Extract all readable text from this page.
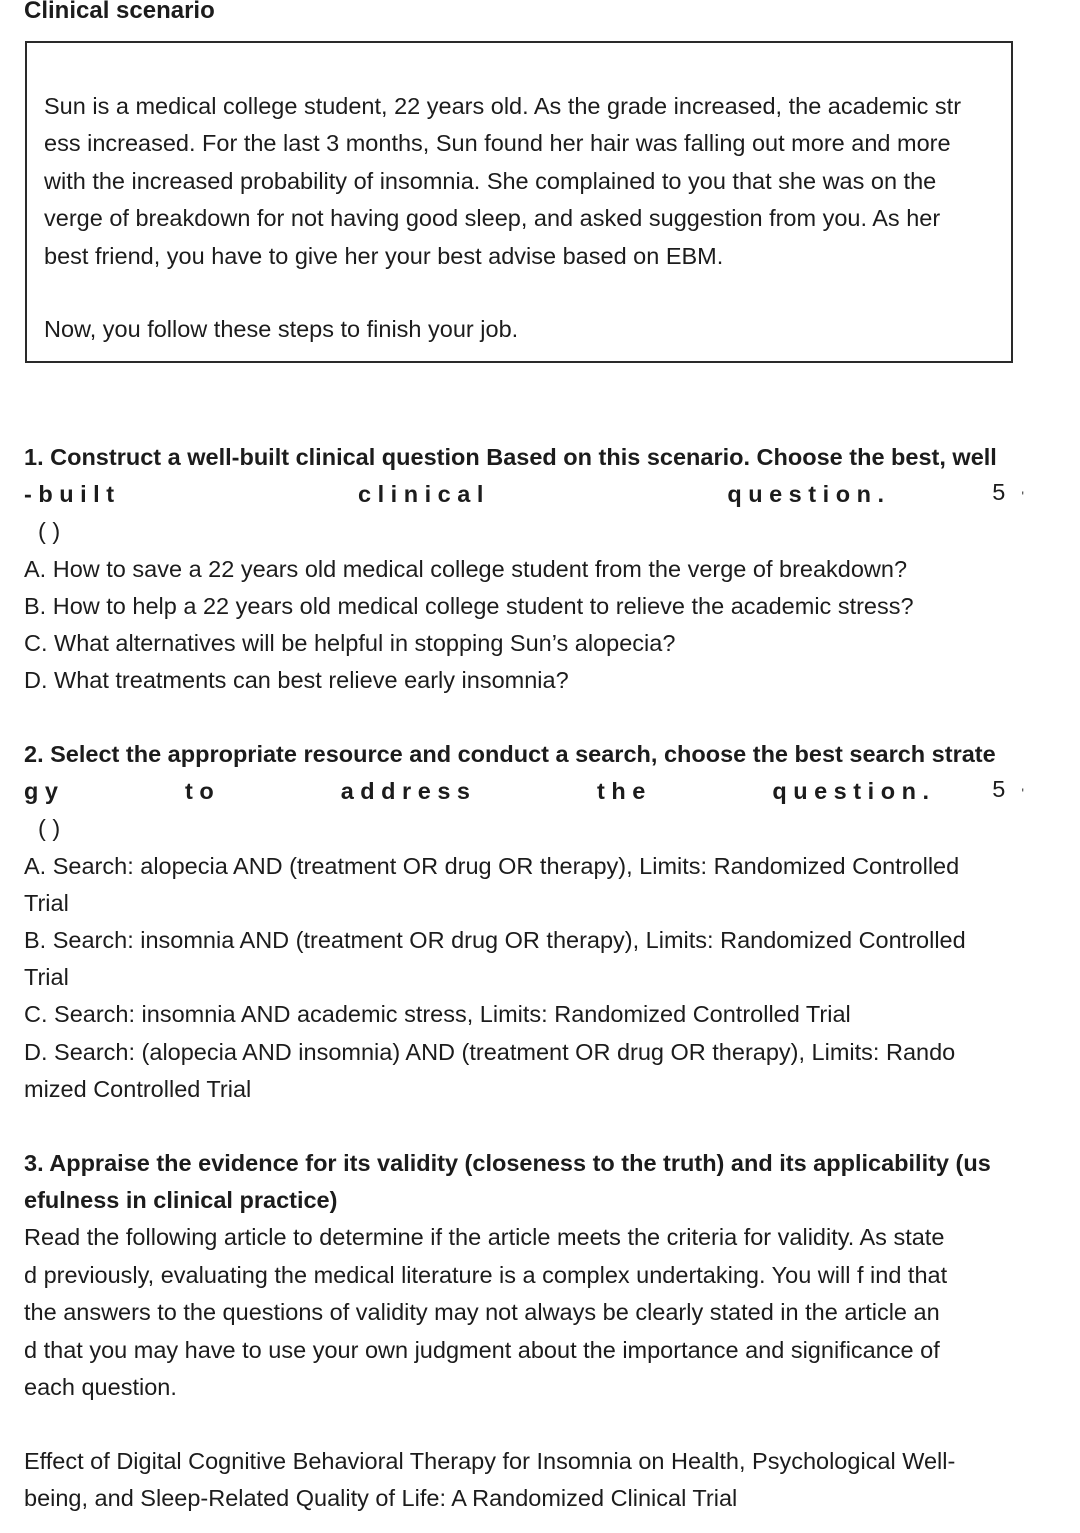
Clinical scenario

Sun is a medical college student, 22 years old. As the grade increased, the academic str
ess increased. For the last 3 months, Sun found her hair was falling out more and more
with the increased probability of insomnia. She complained to you that she was on the
verge of breakdown for not having good sleep, and asked suggestion from you. As her
best friend, you have to give her your best advise based on EBM.

Now, you follow these steps to finish your job.

1. Construct a well-built clinical question Based on this scenario. Choose the best, well

- b u i l t	c l i n i c a l	q u e s t i o n .	5 '
( )

A. How to save a 22 years old medical college student from the verge of breakdown?

B. How to help a 22 years old medical college student to relieve the academic stress?

C. What alternatives will be helpful in stopping Sun’s alopecia?

D. What treatments can best relieve early insomnia?

2. Select the appropriate resource and conduct a search, choose the best search strate

g y	t o	a d d r e s s	t h e	q u e s t i o n .	5 '
( )

A. Search: alopecia AND (treatment OR drug OR therapy), Limits: Randomized Controlled
Trial

B. Search: insomnia AND (treatment OR drug OR therapy), Limits: Randomized Controlled
Trial

C. Search: insomnia AND academic stress, Limits: Randomized Controlled Trial

D. Search: (alopecia AND insomnia) AND (treatment OR drug OR therapy), Limits: Rando
mized Controlled Trial

3. Appraise the evidence for its validity (closeness to the truth) and its applicability (us
efulness in clinical practice)

Read the following article to determine if the article meets the criteria for validity. As state
d previously, evaluating the medical literature is a complex undertaking. You will f ind that
the answers to the questions of validity may not always be clearly stated in the article an
d that you may have to use your own judgment about the importance and significance of
each question.

Effect of Digital Cognitive Behavioral Therapy for Insomnia on Health, Psychological Well-
being, and Sleep-Related Quality of Life: A Randomized Clinical Trial
